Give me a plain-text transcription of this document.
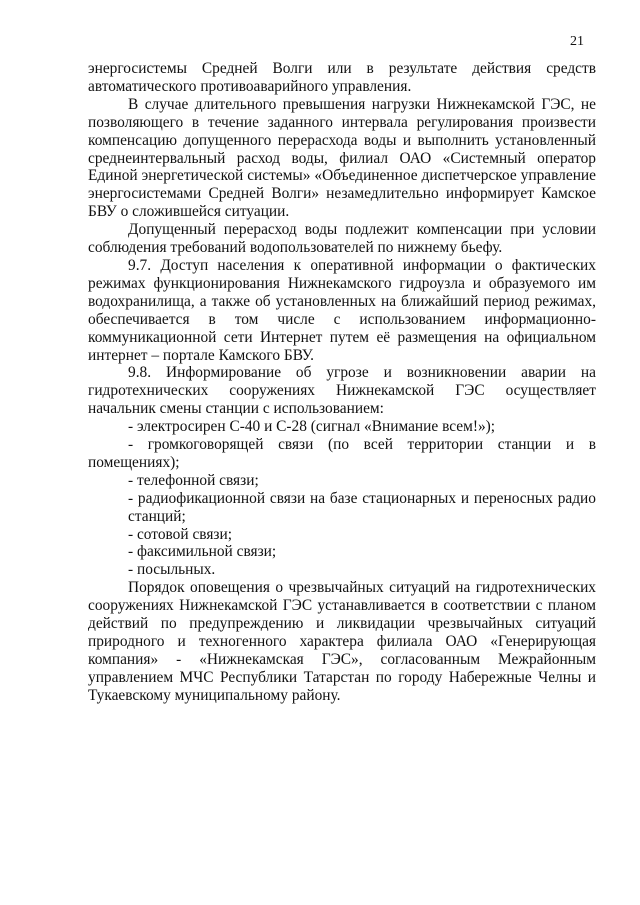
21

энергосистемы Средней Волги или в результате действия средств автоматического противоаварийного управления.

В случае длительного превышения нагрузки Нижнекамской ГЭС, не позволяющего в течение заданного интервала регулирования произвести компенсацию допущенного перерасхода воды и выполнить установленный среднеинтервальный расход воды, филиал ОАО «Системный оператор Единой энергетической системы» «Объединенное диспетчерское управление энергосистемами Средней Волги» незамедлительно информирует Камское БВУ о сложившейся ситуации.

Допущенный перерасход воды подлежит компенсации при условии соблюдения требований водопользователей по нижнему бьефу.

9.7. Доступ населения к оперативной информации о фактических режимах функционирования Нижнекамского гидроузла и образуемого им водохранилища, а также об установленных на ближайший период режимах, обеспечивается в том числе с использованием информационно-коммуникационной сети Интернет путем её размещения на официальном интернет – портале Камского БВУ.

9.8. Информирование об угрозе и возникновении аварии на гидротехнических сооружениях Нижнекамской ГЭС осуществляет начальник смены станции с использованием:

- электросирен С-40 и С-28 (сигнал «Внимание всем!»);

- громкоговорящей связи (по всей территории станции и в помещениях);

- телефонной связи;

- радиофикационной связи на базе стационарных и переносных радио станций;

- сотовой связи;

- факсимильной связи;

- посыльных.

Порядок оповещения о чрезвычайных ситуаций на гидротехнических сооружениях Нижнекамской ГЭС устанавливается в соответствии с планом действий по предупреждению и ликвидации чрезвычайных ситуаций природного и техногенного характера филиала ОАО «Генерирующая компания» - «Нижнекамская ГЭС», согласованным Межрайонным управлением МЧС Республики Татарстан по городу Набережные Челны и Тукаевскому муниципальному району.
